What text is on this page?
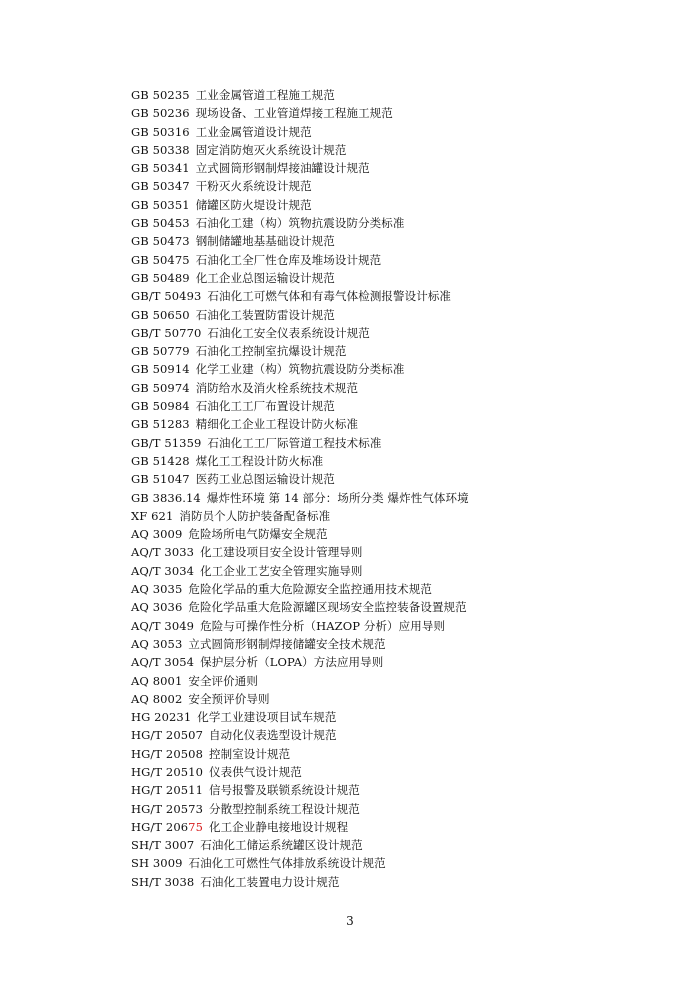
GB 50235 工业金属管道工程施工规范
GB 50236 现场设备、工业管道焊接工程施工规范
GB 50316 工业金属管道设计规范
GB 50338 固定消防炮灭火系统设计规范
GB 50341 立式圆筒形钢制焊接油罐设计规范
GB 50347 干粉灭火系统设计规范
GB 50351 储罐区防火堤设计规范
GB 50453 石油化工建（构）筑物抗震设防分类标准
GB 50473 钢制储罐地基基础设计规范
GB 50475 石油化工全厂性仓库及堆场设计规范
GB 50489 化工企业总图运输设计规范
GB/T 50493 石油化工可燃气体和有毒气体检测报警设计标准
GB 50650 石油化工装置防雷设计规范
GB/T 50770 石油化工安全仪表系统设计规范
GB 50779 石油化工控制室抗爆设计规范
GB 50914 化学工业建（构）筑物抗震设防分类标准
GB 50974 消防给水及消火栓系统技术规范
GB 50984 石油化工工厂布置设计规范
GB 51283 精细化工企业工程设计防火标准
GB/T 51359 石油化工工厂际管道工程技术标准
GB 51428 煤化工工程设计防火标准
GB 51047 医药工业总图运输设计规范
GB 3836.14 爆炸性环境 第 14 部分：场所分类 爆炸性气体环境
XF 621 消防员个人防护装备配备标准
AQ 3009 危险场所电气防爆安全规范
AQ/T 3033 化工建设项目安全设计管理导则
AQ/T 3034 化工企业工艺安全管理实施导则
AQ 3035 危险化学品的重大危险源安全监控通用技术规范
AQ 3036 危险化学品重大危险源罐区现场安全监控装备设置规范
AQ/T 3049 危险与可操作性分析（HAZOP 分析）应用导则
AQ 3053 立式圆筒形钢制焊接储罐安全技术规范
AQ/T 3054 保护层分析（LOPA）方法应用导则
AQ 8001 安全评价通则
AQ 8002 安全预评价导则
HG 20231 化学工业建设项目试车规范
HG/T 20507 自动化仪表选型设计规范
HG/T 20508 控制室设计规范
HG/T 20510 仪表供气设计规范
HG/T 20511 信号报警及联锁系统设计规范
HG/T 20573 分散型控制系统工程设计规范
HG/T 20675 化工企业静电接地设计规程
SH/T 3007 石油化工储运系统罐区设计规范
SH 3009 石油化工可燃性气体排放系统设计规范
SH/T 3038 石油化工装置电力设计规范
3
